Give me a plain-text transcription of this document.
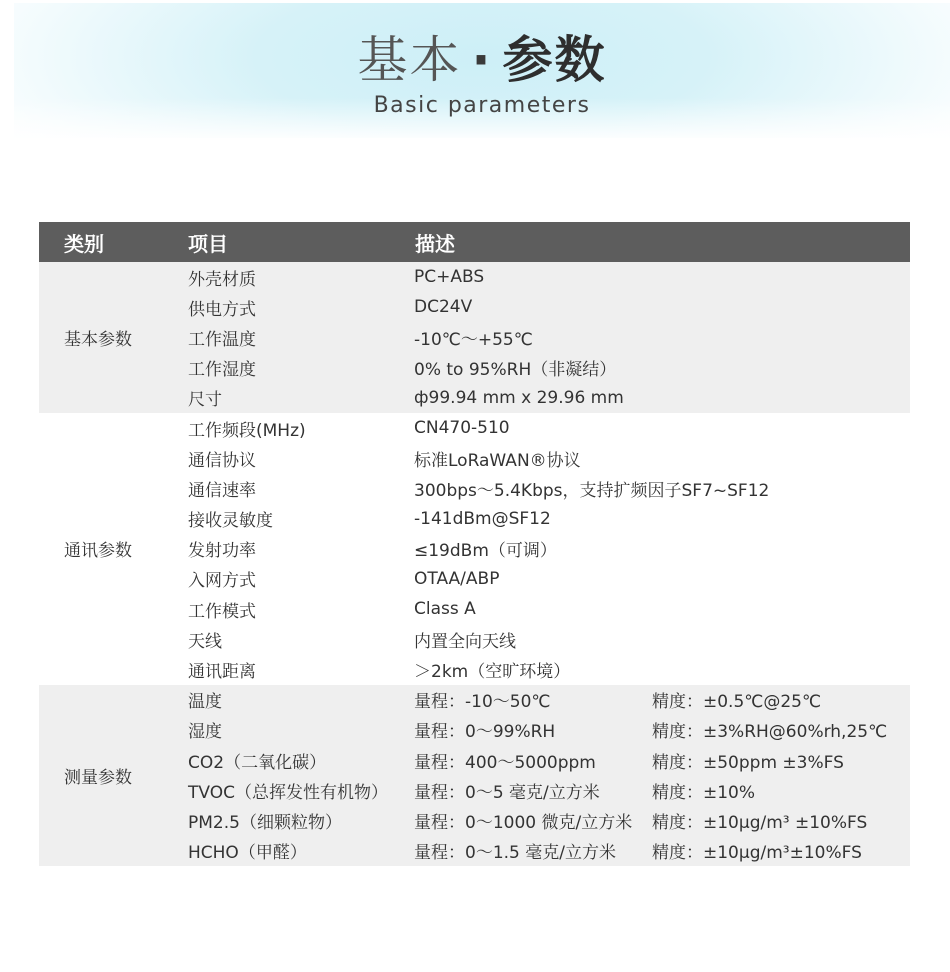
基本 · 参数
Basic parameters
类别	项目	描述	
基本参数	外壳材质	PC+ABS	
	供电方式	DC24V	
	工作温度	-10℃～+55℃	
	工作湿度	0% to 95%RH（非凝结）	
	尺寸	ф99.94 mm x 29.96 mm	
通讯参数	工作频段(MHz)	CN470-510	
	通信协议	标准LoRaWAN®协议	
	通信速率	300bps～5.4Kbps，支持扩频因子SF7~SF12	
	接收灵敏度	-141dBm@SF12	
	发射功率	≤19dBm（可调）	
	入网方式	OTAA/ABP	
	工作模式	Class A	
	天线	内置全向天线	
	通讯距离	＞2km（空旷环境）	
测量参数	温度	量程：-10～50℃	精度：±0.5℃@25℃
	湿度	量程：0～99%RH	精度：±3%RH@60%rh,25℃
	CO2（二氧化碳）	量程：400～5000ppm	精度：±50ppm ±3%FS
	TVOC（总挥发性有机物）	量程：0～5 毫克/立方米	精度：±10%
	PM2.5（细颗粒物）	量程：0～1000 微克/立方米	精度：±10μg/m³ ±10%FS
	HCHO（甲醛）	量程：0～1.5 毫克/立方米	精度：±10μg/m³±10%FS
